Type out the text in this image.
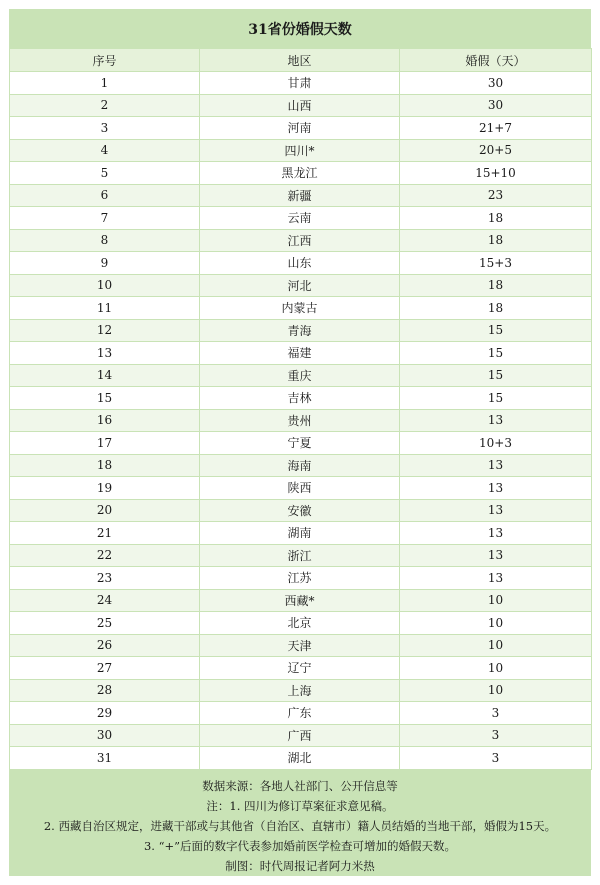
31省份婚假天数
序号	地区	婚假（天）
1	甘肃	30
2	山西	30
3	河南	21+7
4	四川*	20+5
5	黑龙江	15+10
6	新疆	23
7	云南	18
8	江西	18
9	山东	15+3
10	河北	18
11	内蒙古	18
12	青海	15
13	福建	15
14	重庆	15
15	吉林	15
16	贵州	13
17	宁夏	10+3
18	海南	13
19	陕西	13
20	安徽	13
21	湖南	13
22	浙江	13
23	江苏	13
24	西藏*	10
25	北京	10
26	天津	10
27	辽宁	10
28	上海	10
29	广东	3
30	广西	3
31	湖北	3
数据来源：各地人社部门、公开信息等
注：1. 四川为修订草案征求意见稿。
2. 西藏自治区规定，进藏干部或与其他省（自治区、直辖市）籍人员结婚的当地干部，婚假为15天。
3. “+”后面的数字代表参加婚前医学检查可增加的婚假天数。
制图：时代周报记者阿力米热
